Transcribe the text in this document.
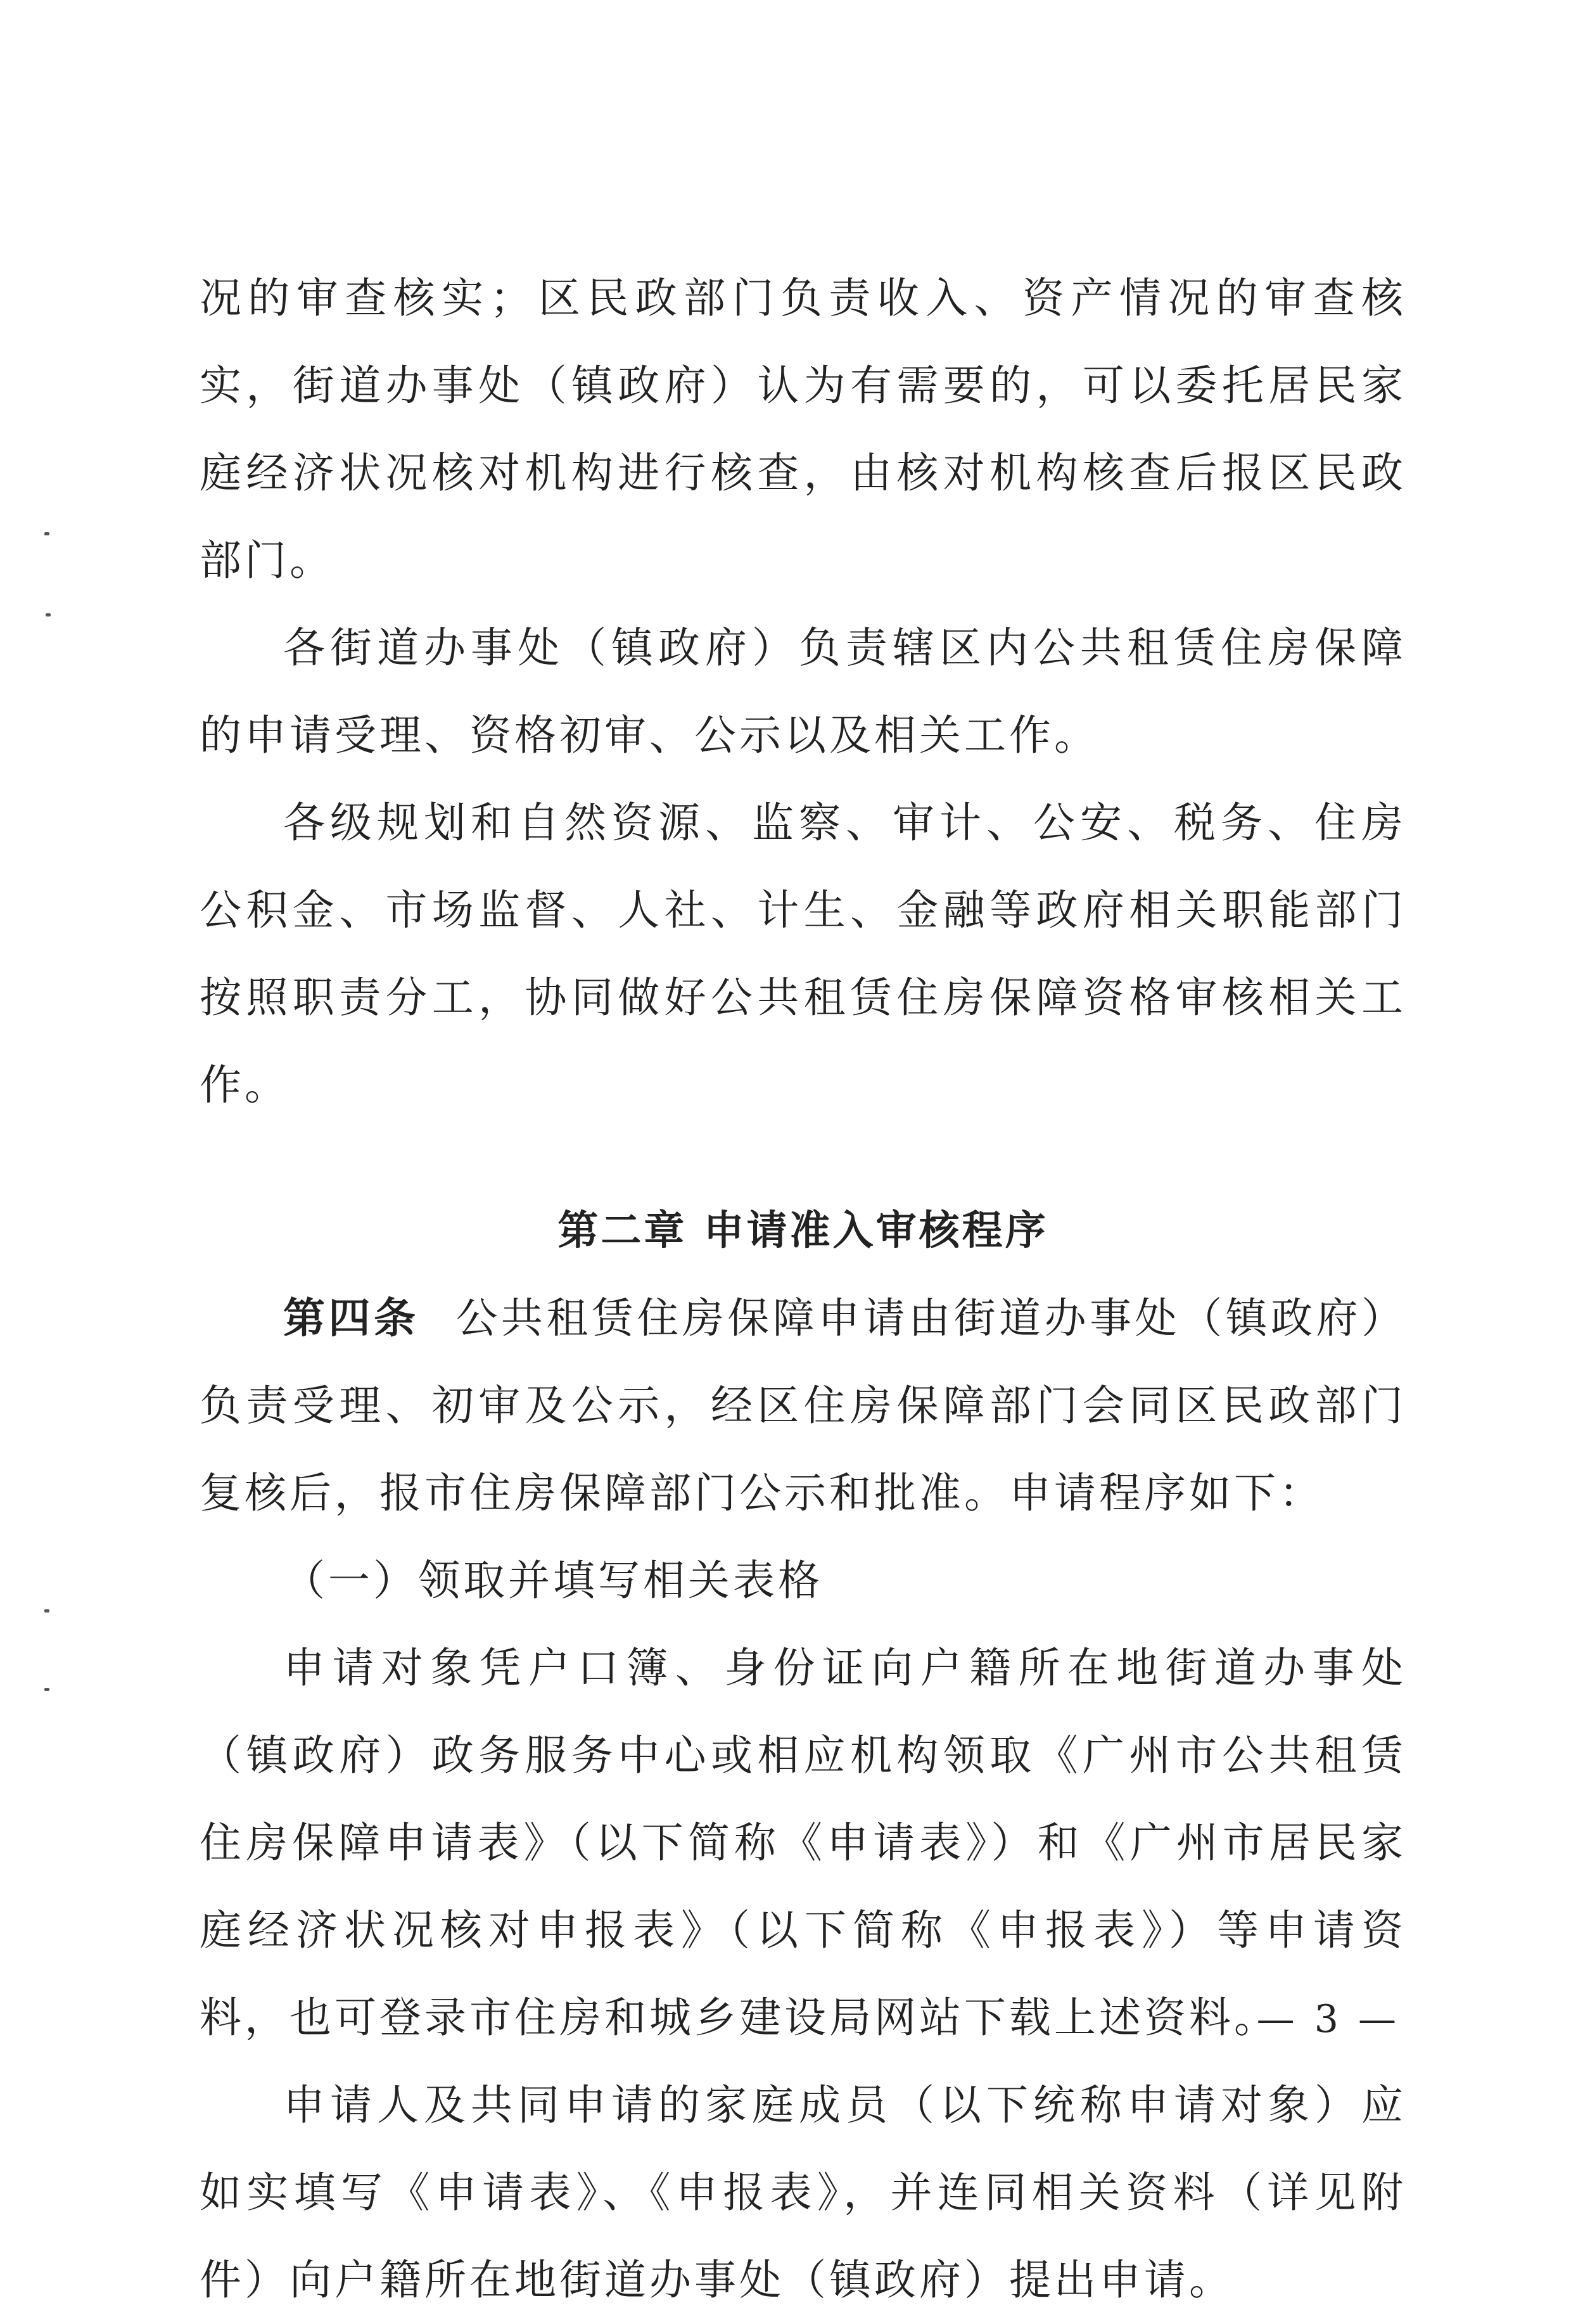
况的审查核实；区民政部门负责收入、资产情况的审查核实，街道办事处（镇政府）认为有需要的，可以委托居民家庭经济状况核对机构进行核查，由核对机构核查后报区民政部门。

各街道办事处（镇政府）负责辖区内公共租赁住房保障的申请受理、资格初审、公示以及相关工作。

各级规划和自然资源、监察、审计、公安、税务、住房公积金、市场监督、人社、计生、金融等政府相关职能部门按照职责分工，协同做好公共租赁住房保障资格审核相关工作。

第二章 申请准入审核程序

第四条 公共租赁住房保障申请由街道办事处（镇政府）负责受理、初审及公示，经区住房保障部门会同区民政部门复核后，报市住房保障部门公示和批准。申请程序如下：

（一）领取并填写相关表格

申请对象凭户口簿、身份证向户籍所在地街道办事处（镇政府）政务服务中心或相应机构领取《广州市公共租赁住房保障申请表》（以下简称《申请表》）和《广州市居民家庭经济状况核对申报表》（以下简称《申报表》）等申请资料，也可登录市住房和城乡建设局网站下载上述资料。

申请人及共同申请的家庭成员（以下统称申请对象）应如实填写《申请表》、《申报表》，并连同相关资料（详见附件）向户籍所在地街道办事处（镇政府）提出申请。

— 3 —
